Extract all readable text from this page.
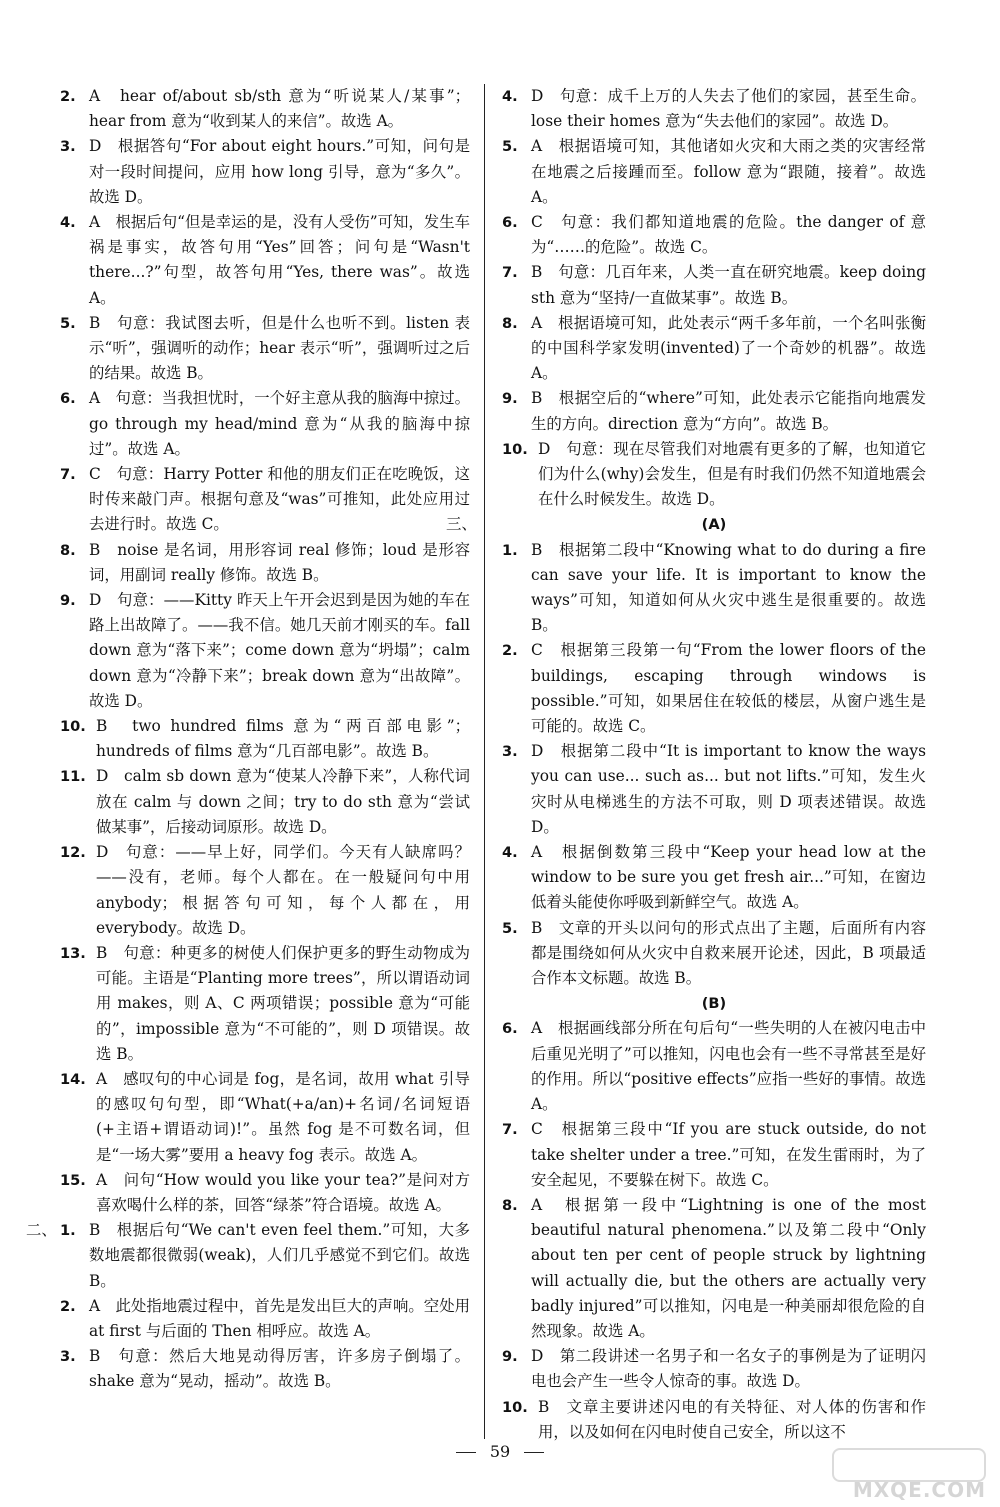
2. A　hear of/about sb/sth 意为“听说某人/某事”；hear from 意为“收到某人的来信”。故选 A。
3. D　根据答句“For about eight hours.”可知，问句是对一段时间提问，应用 how long 引导，意为“多久”。故选 D。
4. A　根据后句“但是幸运的是，没有人受伤”可知，发生车祸是事实，故答句用“Yes”回答；问句是“Wasn't there...?”句型，故答句用“Yes, there was”。故选 A。
5. B　句意：我试图去听，但是什么也听不到。listen 表示“听”，强调听的动作；hear 表示“听”，强调听过之后的结果。故选 B。
6. A　句意：当我担忧时，一个好主意从我的脑海中掠过。go through my head/mind 意为“从我的脑海中掠过”。故选 A。
7. C　句意：Harry Potter 和他的朋友们正在吃晚饭，这时传来敲门声。根据句意及“was”可推知，此处应用过去进行时。故选 C。
8. B　noise 是名词，用形容词 real 修饰；loud 是形容词，用副词 really 修饰。故选 B。
9. D　句意：——Kitty 昨天上午开会迟到是因为她的车在路上出故障了。——我不信。她几天前才刚买的车。fall down 意为“落下来”；come down 意为“坍塌”；calm down 意为“冷静下来”；break down 意为“出故障”。故选 D。
10. B　two hundred films 意为“两百部电影”；hundreds of films 意为“几百部电影”。故选 B。
11. D　calm sb down 意为“使某人冷静下来”，人称代词放在 calm 与 down 之间；try to do sth 意为“尝试做某事”，后接动词原形。故选 D。
12. D　句意：——早上好，同学们。今天有人缺席吗？——没有，老师。每个人都在。在一般疑问句中用 anybody；根据答句可知，每个人都在，用 everybody。故选 D。
13. B　句意：种更多的树使人们保护更多的野生动物成为可能。主语是“Planting more trees”，所以谓语动词用 makes，则 A、C 两项错误；possible 意为“可能的”，impossible 意为“不可能的”，则 D 项错误。故选 B。
14. A　感叹句的中心词是 fog，是名词，故用 what 引导的感叹句句型，即“What(+a/an)+名词/名词短语(+主语+谓语动词)!”。虽然 fog 是不可数名词，但是“一场大雾”要用 a heavy fog 表示。故选 A。
15. A　问句“How would you like your tea?”是问对方喜欢喝什么样的茶，回答“绿茶”符合语境。故选 A。
二、 1. B　根据后句“We can't even feel them.”可知，大多数地震都很微弱(weak)，人们几乎感觉不到它们。故选 B。
2. A　此处指地震过程中，首先是发出巨大的声响。空处用 at first 与后面的 Then 相呼应。故选 A。
3. B　句意：然后大地晃动得厉害，许多房子倒塌了。shake 意为“晃动，摇动”。故选 B。
4. D　句意：成千上万的人失去了他们的家园，甚至生命。lose their homes 意为“失去他们的家园”。故选 D。
5. A　根据语境可知，其他诸如火灾和大雨之类的灾害经常在地震之后接踵而至。follow 意为“跟随，接着”。故选 A。
6. C　句意：我们都知道地震的危险。the danger of 意为“……的危险”。故选 C。
7. B　句意：几百年来，人类一直在研究地震。keep doing sth 意为“坚持/一直做某事”。故选 B。
8. A　根据语境可知，此处表示“两千多年前，一个名叫张衡的中国科学家发明(invented)了一个奇妙的机器”。故选 A。
9. B　根据空后的“where”可知，此处表示它能指向地震发生的方向。direction 意为“方向”。故选 B。
10. D　句意：现在尽管我们对地震有更多的了解，也知道它们为什么(why)会发生，但是有时我们仍然不知道地震会在什么时候发生。故选 D。
三、	(A)
1. B　根据第二段中“Knowing what to do during a fire can save your life. It is important to know the ways”可知，知道如何从火灾中逃生是很重要的。故选 B。
2. C　根据第三段第一句“From the lower floors of the buildings, escaping through windows is possible.”可知，如果居住在较低的楼层，从窗户逃生是可能的。故选 C。
3. D　根据第二段中“It is important to know the ways you can use... such as... but not lifts.”可知，发生火灾时从电梯逃生的方法不可取，则 D 项表述错误。故选 D。
4. A　根据倒数第三段中“Keep your head low at the window to be sure you get fresh air...”可知，在窗边低着头能使你呼吸到新鲜空气。故选 A。
5. B　文章的开头以问句的形式点出了主题，后面所有内容都是围绕如何从火灾中自救来展开论述，因此，B 项最适合作本文标题。故选 B。
(B)
6. A　根据画线部分所在句后句“一些失明的人在被闪电击中后重见光明了”可以推知，闪电也会有一些不寻常甚至是好的作用。所以“positive effects”应指一些好的事情。故选 A。
7. C　根据第三段中“If you are stuck outside, do not take shelter under a tree.”可知，在发生雷雨时，为了安全起见，不要躲在树下。故选 C。
8. A　根据第一段中“Lightning is one of the most beautiful natural phenomena.”以及第二段中“Only about ten per cent of people struck by lightning will actually die, but the others are actually very badly injured”可以推知，闪电是一种美丽却很危险的自然现象。故选 A。
9. D　第二段讲述一名男子和一名女子的事例是为了证明闪电也会产生一些令人惊奇的事。故选 D。
10. B　文章主要讲述闪电的有关特征、对人体的伤害和作用，以及如何在闪电时使自己安全，所以这不
59
MXQE.COM
